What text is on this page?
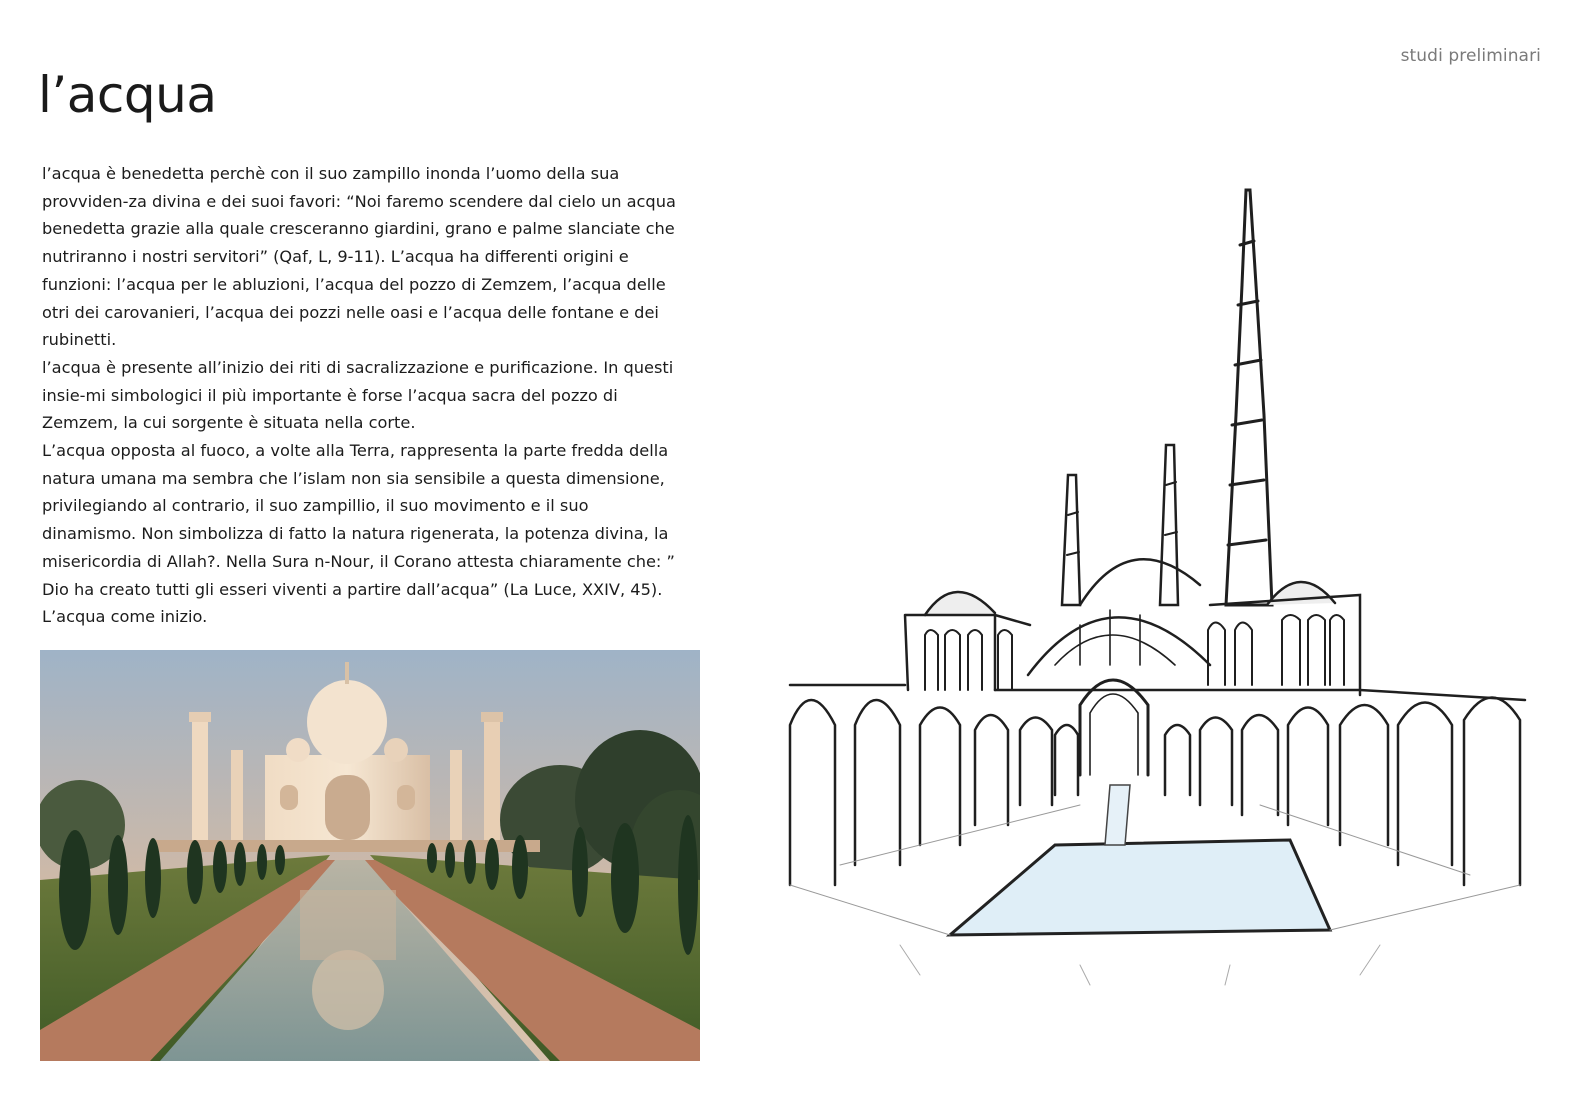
studi preliminari
l’acqua

l’acqua è benedetta perchè con il suo zampillo inonda l’uomo della sua provviden-za divina e dei suoi favori: “Noi faremo scendere dal cielo un acqua benedetta grazie alla quale cresceranno giardini, grano e palme slanciate che nutriranno i nostri servitori” (Qaf, L, 9-11). L’acqua ha differenti origini e funzioni: l’acqua per le abluzioni, l’acqua del pozzo di Zemzem, l’acqua delle otri dei carovanieri, l’acqua dei pozzi nelle oasi e l’acqua delle fontane e dei rubinetti.

l’acqua è presente all’inizio dei riti di sacralizzazione e purificazione. In questi insie-mi simbologici il più importante è forse l’acqua sacra del pozzo di Zemzem, la cui sorgente è situata nella corte.

L’acqua opposta al fuoco, a volte alla Terra, rappresenta la parte fredda della natura umana ma sembra che l’islam non sia sensibile a questa dimensione, privilegiando al contrario, il suo zampillio, il suo movimento e il suo dinamismo. Non simbolizza di fatto la natura rigenerata, la potenza divina, la misericordia di Allah?. Nella Sura n-Nour, il Corano attesta chiaramente che: ” Dio ha creato tutti gli esseri viventi a partire dall’acqua” (La Luce, XXIV, 45).

L’acqua come inizio.
